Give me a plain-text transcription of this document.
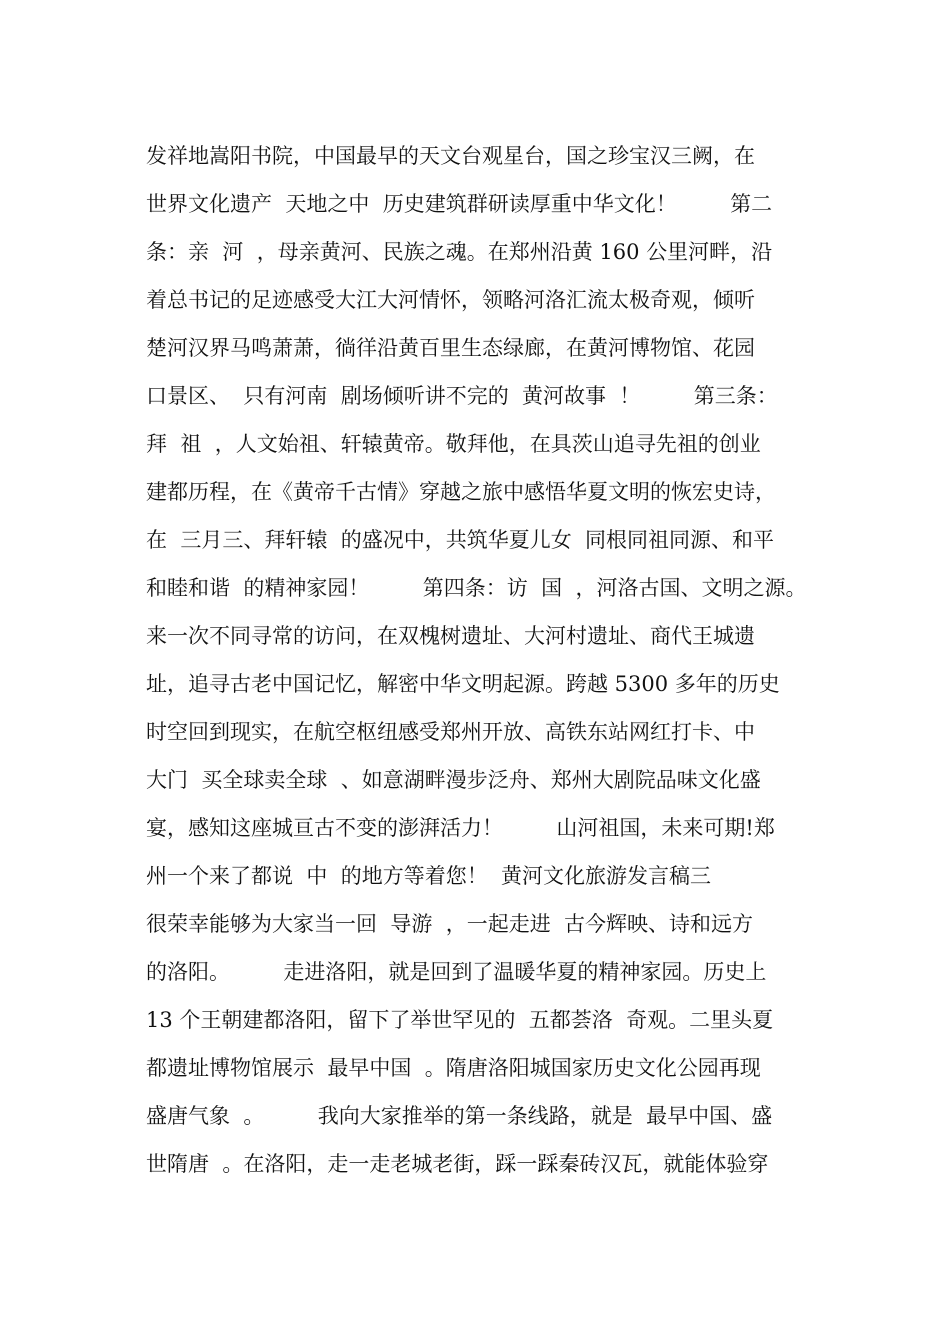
发祥地嵩阳书院，中国最早的天文台观星台，国之珍宝汉三阙，在
世界文化遗产  天地之中  历史建筑群研读厚重中华文化！        第二
条：亲  河  ，母亲黄河、民族之魂。在郑州沿黄 160 公里河畔，沿
着总书记的足迹感受大江大河情怀，领略河洛汇流太极奇观，倾听
楚河汉界马鸣萧萧，徜徉沿黄百里生态绿廊，在黄河博物馆、花园
口景区、  只有河南  剧场倾听讲不完的  黄河故事  ！        第三条：
拜  祖  ，人文始祖、轩辕黄帝。敬拜他，在具茨山追寻先祖的创业
建都历程，在《黄帝千古情》穿越之旅中感悟华夏文明的恢宏史诗，
在  三月三、拜轩辕  的盛况中，共筑华夏儿女  同根同祖同源、和平
和睦和谐  的精神家园！        第四条：访  国  ，河洛古国、文明之源。
来一次不同寻常的访问，在双槐树遗址、大河村遗址、商代王城遗
址，追寻古老中国记忆，解密中华文明起源。跨越 5300 多年的历史
时空回到现实，在航空枢纽感受郑州开放、高铁东站网红打卡、中
大门  买全球卖全球  、如意湖畔漫步泛舟、郑州大剧院品味文化盛
宴，感知这座城亘古不变的澎湃活力！        山河祖国，未来可期!郑
州一个来了都说  中  的地方等着您！  黄河文化旅游发言稿三
很荣幸能够为大家当一回  导游  ，一起走进  古今辉映、诗和远方
的洛阳。        走进洛阳，就是回到了温暖华夏的精神家园。历史上
13 个王朝建都洛阳，留下了举世罕见的  五都荟洛  奇观。二里头夏
都遗址博物馆展示  最早中国  。隋唐洛阳城国家历史文化公园再现
盛唐气象  。        我向大家推举的第一条线路，就是  最早中国、盛
世隋唐  。在洛阳，走一走老城老街，踩一踩秦砖汉瓦，就能体验穿
